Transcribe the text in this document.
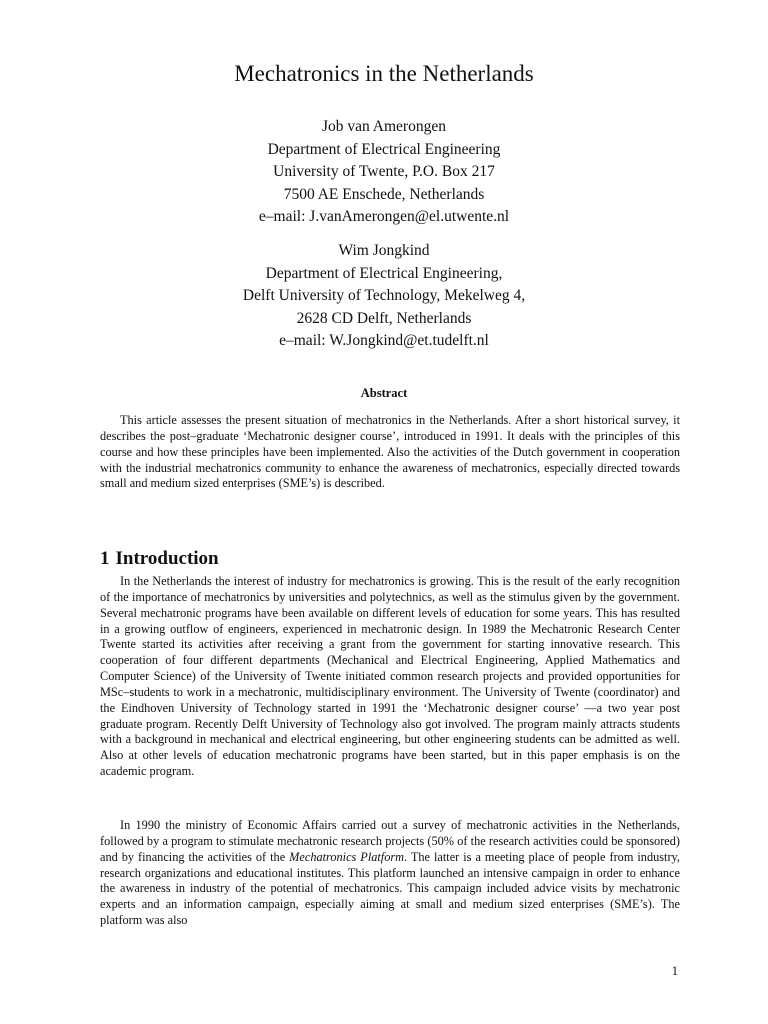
Mechatronics in the Netherlands
Job van Amerongen
Department of Electrical Engineering
University of Twente, P.O. Box 217
7500 AE Enschede, Netherlands
e–mail: J.vanAmerongen@el.utwente.nl
Wim Jongkind
Department of Electrical Engineering,
Delft University of Technology, Mekelweg 4,
2628 CD Delft, Netherlands
e–mail: W.Jongkind@et.tudelft.nl
Abstract
This article assesses the present situation of mechatronics in the Netherlands. After a short historical survey, it describes the post–graduate ‘Mechatronic designer course’, introduced in 1991. It deals with the principles of this course and how these principles have been implemented. Also the activities of the Dutch government in cooperation with the industrial mechatronics community to enhance the awareness of mechatronics, especially directed towards small and medium sized enterprises (SME’s) is described.
1 Introduction
In the Netherlands the interest of industry for mechatronics is growing. This is the result of the early recognition of the importance of mechatronics by universities and polytechnics, as well as the stimulus given by the government. Several mechatronic programs have been available on different levels of education for some years. This has resulted in a growing outflow of engineers, experienced in mechatronic design. In 1989 the Mechatronic Research Center Twente started its activities after receiving a grant from the government for starting innovative research. This cooperation of four different departments (Mechanical and Electrical Engineering, Applied Mathematics and Computer Science) of the University of Twente initiated common research projects and provided opportunities for MSc–students to work in a mechatronic, multidisciplinary environment. The University of Twente (coordinator) and the Eindhoven University of Technology started in 1991 the ‘Mechatronic designer course’ —a two year post graduate program. Recently Delft University of Technology also got involved. The program mainly attracts students with a background in mechanical and electrical engineering, but other engineering students can be admitted as well. Also at other levels of education mechatronic programs have been started, but in this paper emphasis is on the academic program.
In 1990 the ministry of Economic Affairs carried out a survey of mechatronic activities in the Netherlands, followed by a program to stimulate mechatronic research projects (50% of the research activities could be sponsored) and by financing the activities of the Mechatronics Platform. The latter is a meeting place of people from industry, research organizations and educational institutes. This platform launched an intensive campaign in order to enhance the awareness in industry of the potential of mechatronics. This campaign included advice visits by mechatronic experts and an information campaign, especially aiming at small and medium sized enterprises (SME’s). The platform was also
1
